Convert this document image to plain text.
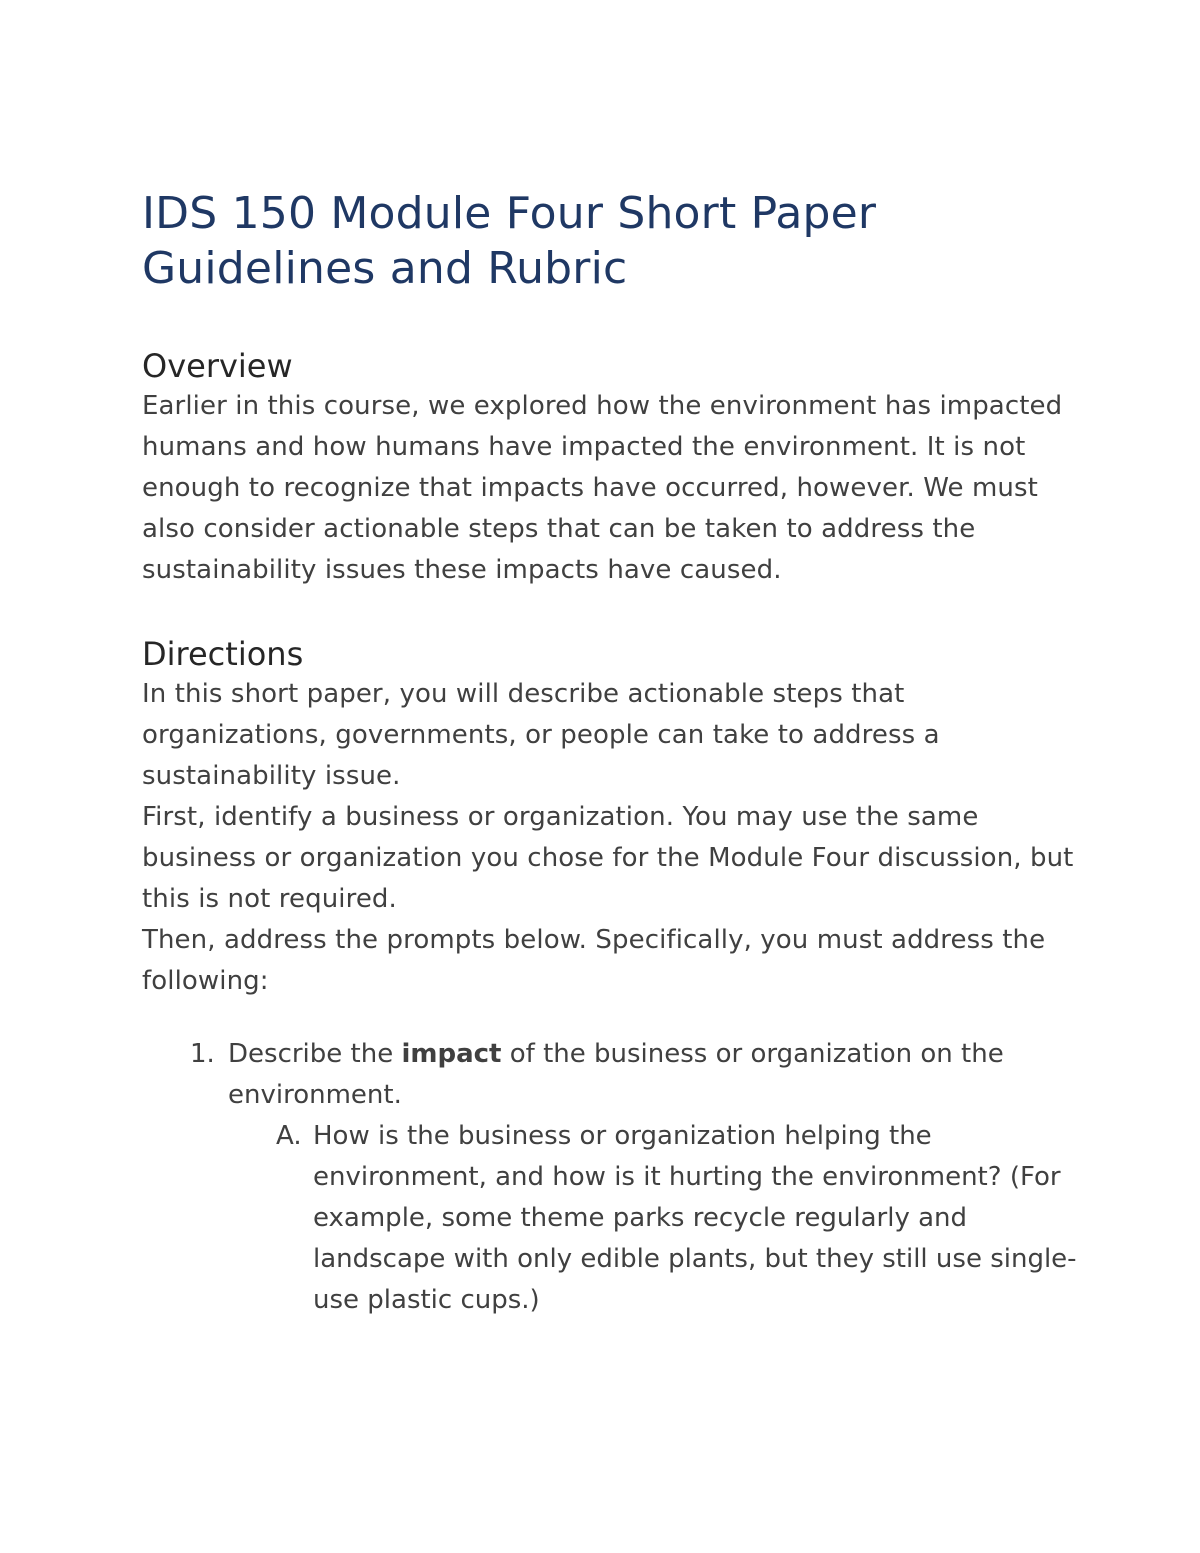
IDS 150 Module Four Short Paper
Guidelines and Rubric
Overview

Earlier in this course, we explored how the environment has impacted humans and how humans have impacted the environment. It is not enough to recognize that impacts have occurred, however. We must also consider actionable steps that can be taken to address the sustainability issues these impacts have caused.

Directions

In this short paper, you will describe actionable steps that organizations, governments, or people can take to address a sustainability issue.

First, identify a business or organization. You may use the same business or organization you chose for the Module Four discussion, but this is not required.

Then, address the prompts below. Specifically, you must address the following:

1. Describe the impact of the business or organization on the environment.
A. How is the business or organization helping the environment, and how is it hurting the environment? (For example, some theme parks recycle regularly and landscape with only edible plants, but they still use single-use plastic cups.)
